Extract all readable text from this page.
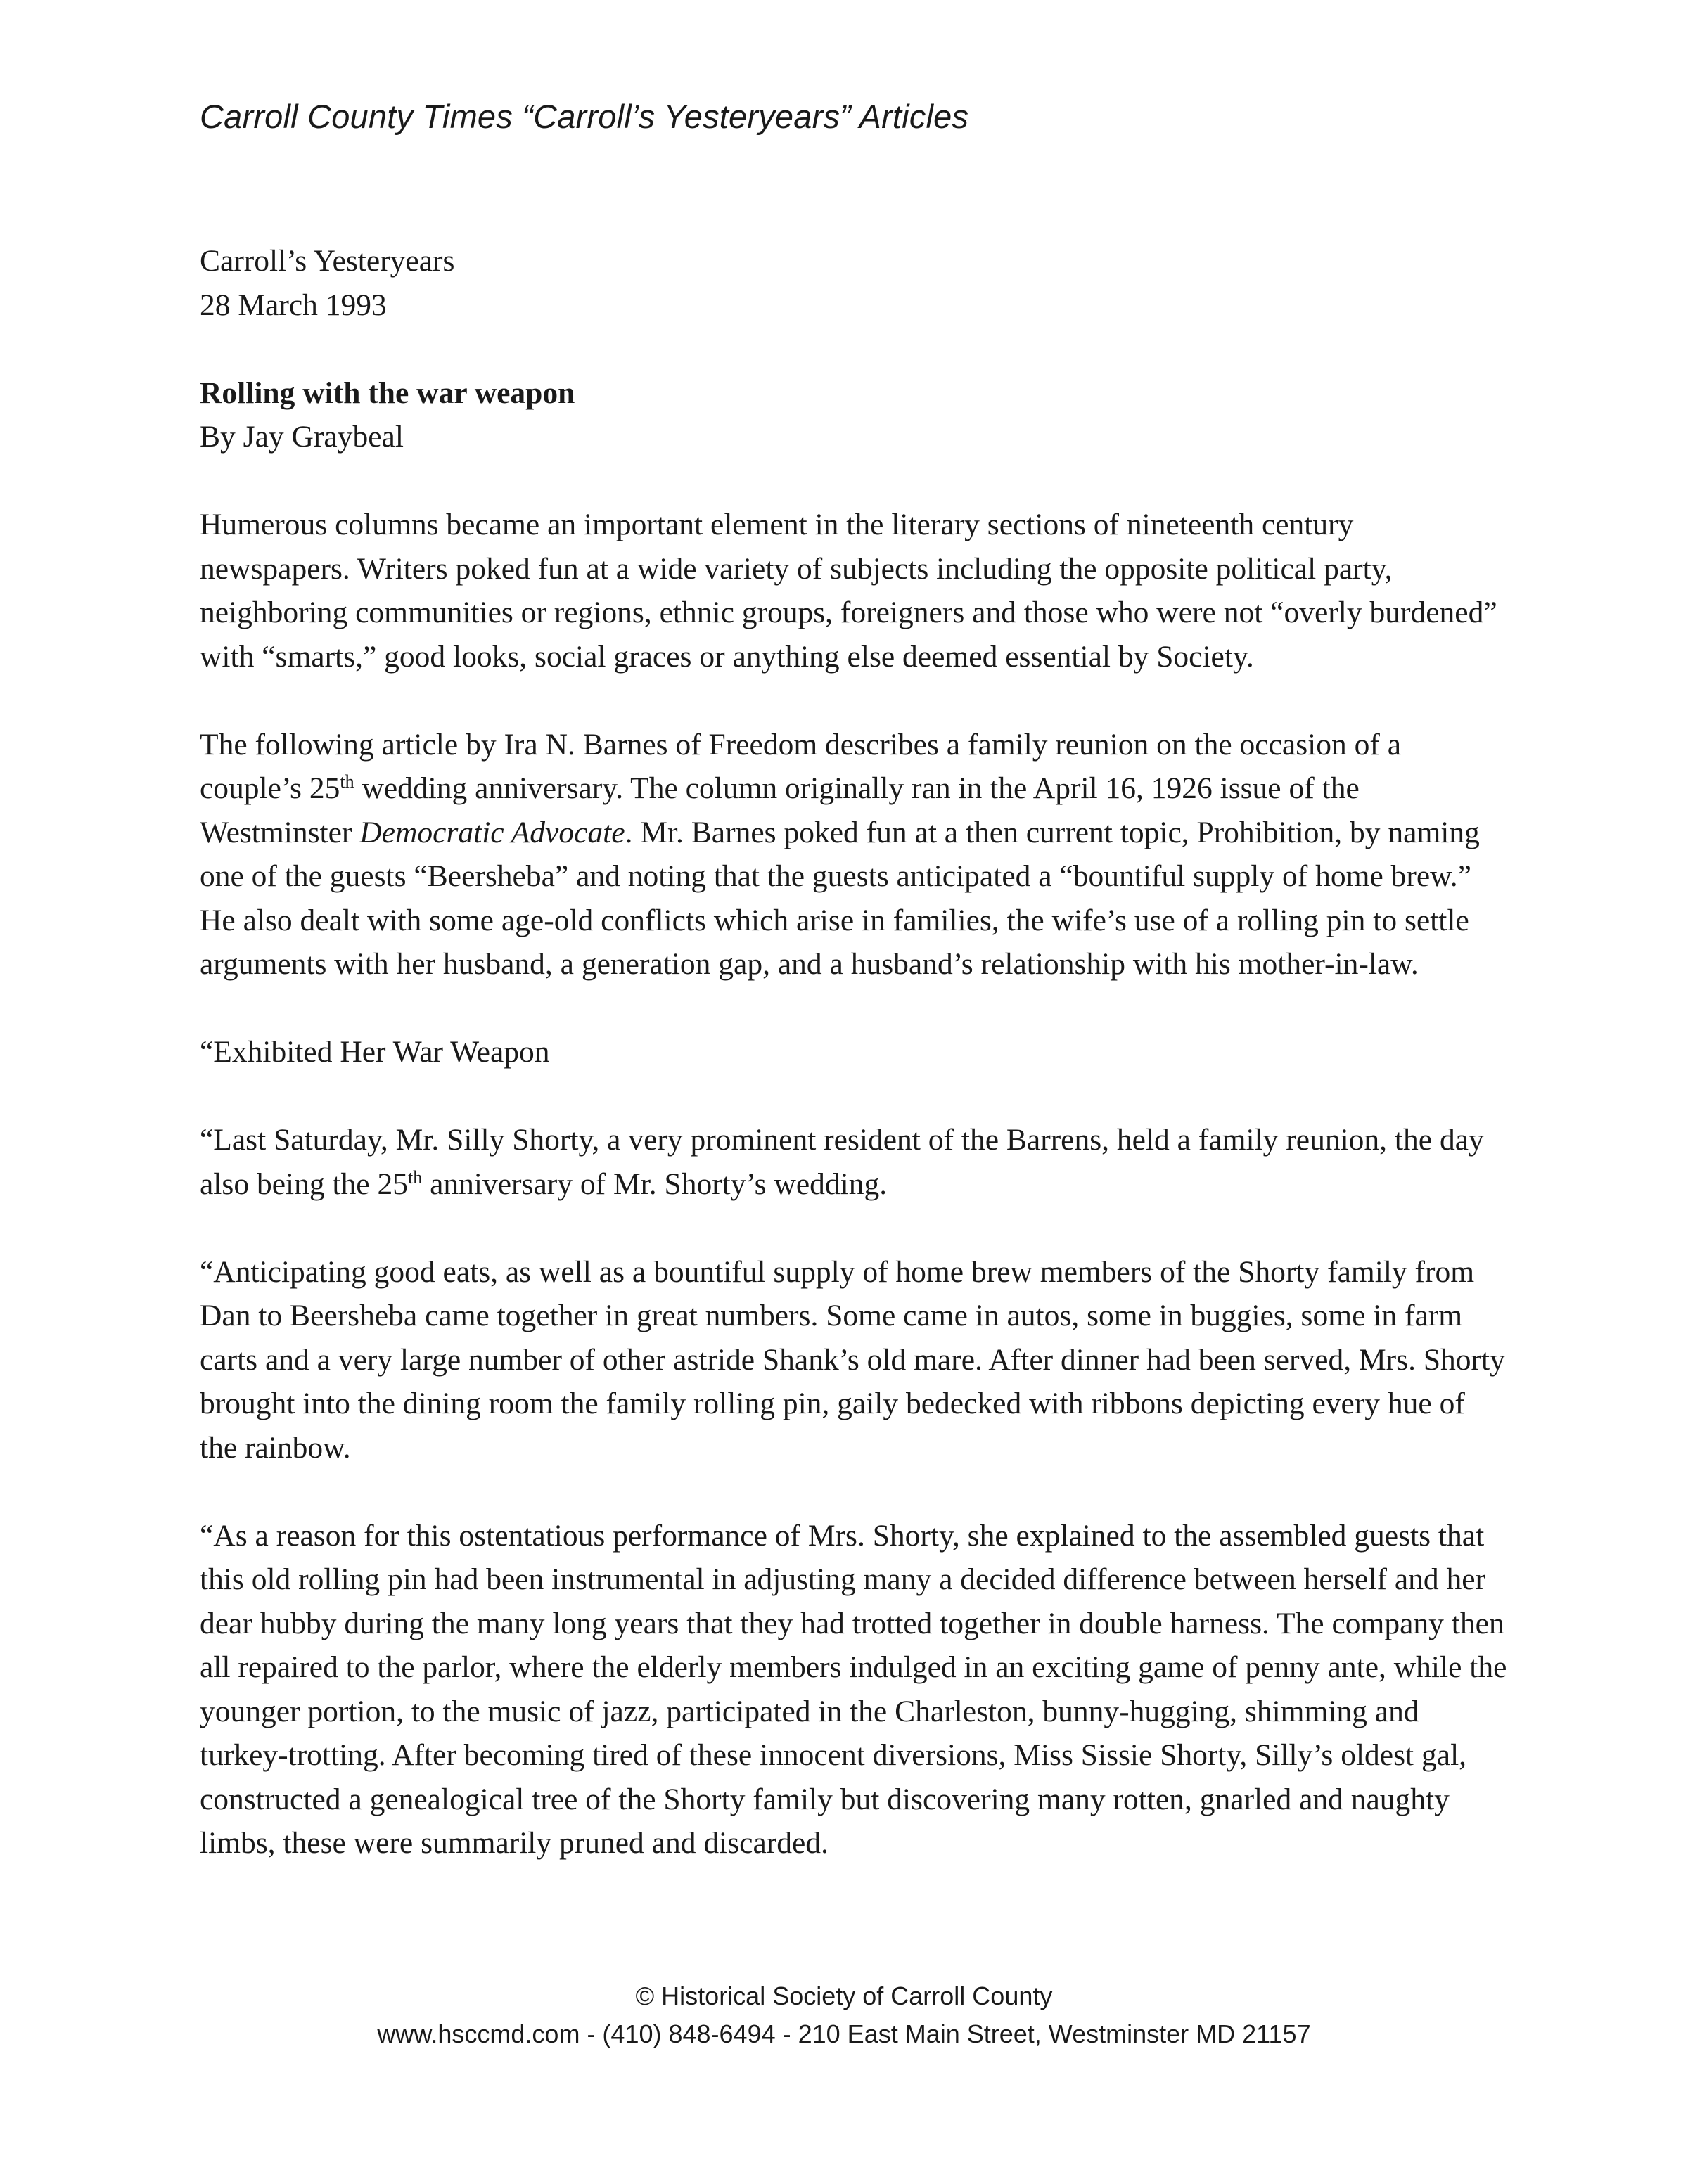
Carroll County Times “Carroll’s Yesteryears” Articles

Carroll’s Yesteryears

28 March 1993

Rolling with the war weapon

By Jay Graybeal

Humerous columns became an important element in the literary sections of nineteenth century newspapers. Writers poked fun at a wide variety of subjects including the opposite political party, neighboring communities or regions, ethnic groups, foreigners and those who were not “overly burdened” with “smarts,” good looks, social graces or anything else deemed essential by Society.

The following article by Ira N. Barnes of Freedom describes a family reunion on the occasion of a couple’s 25th wedding anniversary. The column originally ran in the April 16, 1926 issue of the Westminster Democratic Advocate. Mr. Barnes poked fun at a then current topic, Prohibition, by naming one of the guests “Beersheba” and noting that the guests anticipated a “bountiful supply of home brew.” He also dealt with some age-old conflicts which arise in families, the wife’s use of a rolling pin to settle arguments with her husband, a generation gap, and a husband’s relationship with his mother-in-law.

“Exhibited Her War Weapon

“Last Saturday, Mr. Silly Shorty, a very prominent resident of the Barrens, held a family reunion, the day also being the 25th anniversary of Mr. Shorty’s wedding.

“Anticipating good eats, as well as a bountiful supply of home brew members of the Shorty family from Dan to Beersheba came together in great numbers. Some came in autos, some in buggies, some in farm carts and a very large number of other astride Shank’s old mare. After dinner had been served, Mrs. Shorty brought into the dining room the family rolling pin, gaily bedecked with ribbons depicting every hue of the rainbow.

“As a reason for this ostentatious performance of Mrs. Shorty, she explained to the assembled guests that this old rolling pin had been instrumental in adjusting many a decided difference between herself and her dear hubby during the many long years that they had trotted together in double harness. The company then all repaired to the parlor, where the elderly members indulged in an exciting game of penny ante, while the younger portion, to the music of jazz, participated in the Charleston, bunny-hugging, shimming and turkey-trotting. After becoming tired of these innocent diversions, Miss Sissie Shorty, Silly’s oldest gal, constructed a genealogical tree of the Shorty family but discovering many rotten, gnarled and naughty limbs, these were summarily pruned and discarded.

© Historical Society of Carroll County
www.hsccmd.com - (410) 848-6494 - 210 East Main Street, Westminster MD 21157
